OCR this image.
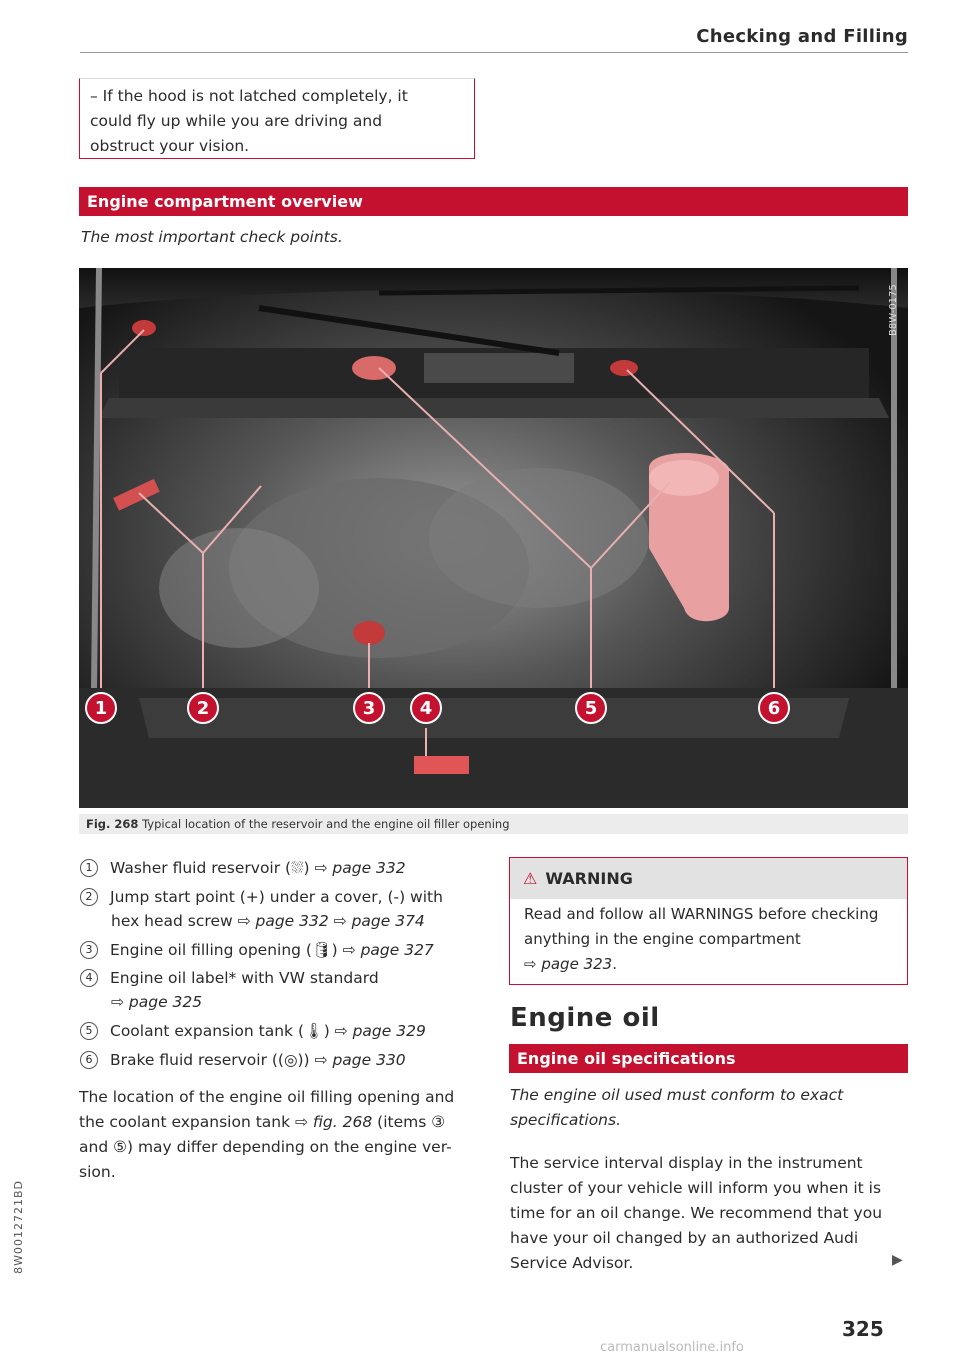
Checking and Filling

– If the hood is not latched completely, it could fly up while you are driving and obstruct your vision.

Engine compartment overview
The most important check points.
1	2	3 4	5	6
B8W-0175
Fig. 268 Typical location of the reservoir and the engine oil filler opening
1 Washer fluid reservoir (⛆) ⇨ page 332
2 Jump start point (+) under a cover, (-) with
hex head screw ⇨ page 332 ⇨ page 374
3 Engine oil filling opening (🛢) ⇨ page 327
4 Engine oil label* with VW standard
⇨ page 325
5 Coolant expansion tank (🌡) ⇨ page 329
6 Brake fluid reservoir ((◎)) ⇨ page 330
The location of the engine oil filling opening and
the coolant expansion tank ⇨ fig. 268 (items ③
and ⑤) may differ depending on the engine ver-
sion.
⚠ WARNING
Read and follow all WARNINGS before checking anything in the engine compartment
⇨ page 323.
Engine oil
Engine oil specifications
The engine oil used must conform to exact specifications.
The service interval display in the instrument cluster of your vehicle will inform you when it is time for an oil change. We recommend that you have your oil changed by an authorized Audi Service Advisor.	▶
325
8W0012721BD
carmanualsonline.info
